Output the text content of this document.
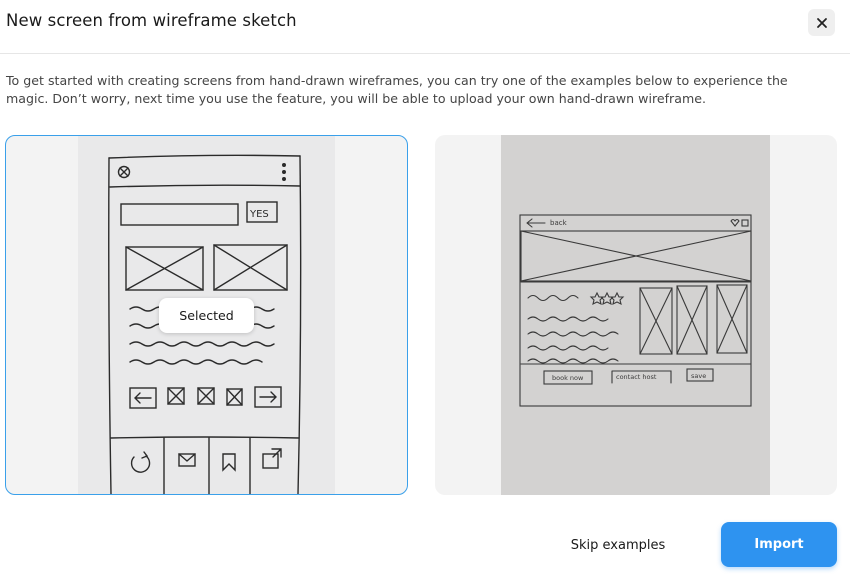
New screen from wireframe sketch

To get started with creating screens from hand-drawn wireframes, you can try one of the examples below to experience the magic. Don’t worry, next time you use the feature, you will be able to upload your own hand-drawn wireframe.

YES
Selected
back
book now	contact host	save
Skip examples	Import
